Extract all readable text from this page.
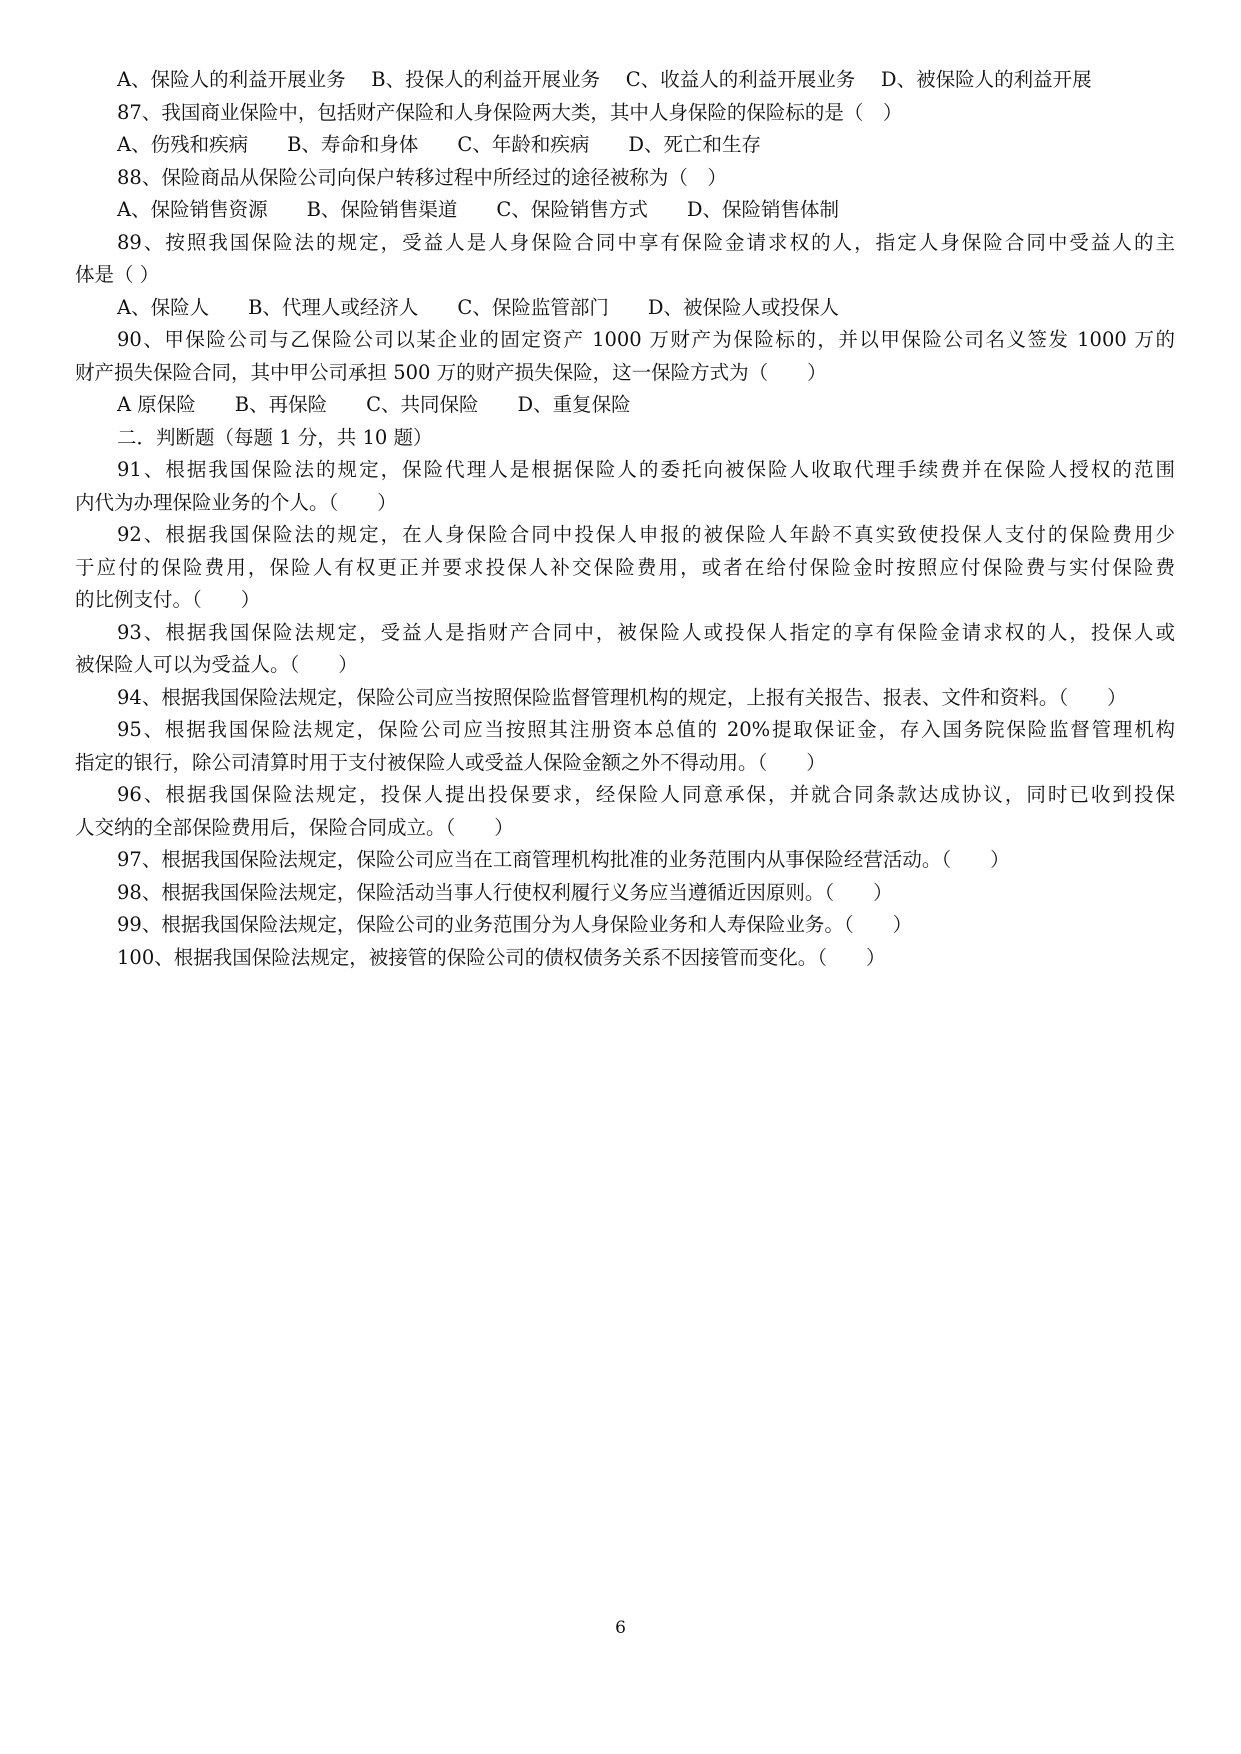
A、保险人的利益开展业务　 B、投保人的利益开展业务　 C、收益人的利益开展业务　 D、被保险人的利益开展
87、我国商业保险中，包括财产保险和人身保险两大类，其中人身保险的保险标的是（　）
A、伤残和疾病　　B、寿命和身体　　C、年龄和疾病　　D、死亡和生存
88、保险商品从保险公司向保户转移过程中所经过的途径被称为（　）
A、保险销售资源　　B、保险销售渠道　　C、保险销售方式　　D、保险销售体制
89、按照我国保险法的规定，受益人是人身保险合同中享有保险金请求权的人，指定人身保险合同中受益人的主
体是（ ）
A、保险人　　B、代理人或经济人　　C、保险监管部门　　D、被保险人或投保人
90、甲保险公司与乙保险公司以某企业的固定资产 1000 万财产为保险标的，并以甲保险公司名义签发 1000 万的
财产损失保险合同，其中甲公司承担 500 万的财产损失保险，这一保险方式为（　　）
A 原保险　　B、再保险　　C、共同保险　　D、重复保险
二．判断题（每题 1 分，共 10 题）
91、根据我国保险法的规定，保险代理人是根据保险人的委托向被保险人收取代理手续费并在保险人授权的范围
内代为办理保险业务的个人。（　　）
92、根据我国保险法的规定，在人身保险合同中投保人申报的被保险人年龄不真实致使投保人支付的保险费用少
于应付的保险费用，保险人有权更正并要求投保人补交保险费用，或者在给付保险金时按照应付保险费与实付保险费
的比例支付。（　　）
93、根据我国保险法规定，受益人是指财产合同中，被保险人或投保人指定的享有保险金请求权的人，投保人或
被保险人可以为受益人。（　　）
94、根据我国保险法规定，保险公司应当按照保险监督管理机构的规定，上报有关报告、报表、文件和资料。（　　）
95、根据我国保险法规定，保险公司应当按照其注册资本总值的 20%提取保证金，存入国务院保险监督管理机构
指定的银行，除公司清算时用于支付被保险人或受益人保险金额之外不得动用。（　　）
96、根据我国保险法规定，投保人提出投保要求，经保险人同意承保，并就合同条款达成协议，同时已收到投保
人交纳的全部保险费用后，保险合同成立。（　　）
97、根据我国保险法规定，保险公司应当在工商管理机构批准的业务范围内从事保险经营活动。（　　）
98、根据我国保险法规定，保险活动当事人行使权利履行义务应当遵循近因原则。（　　）
99、根据我国保险法规定，保险公司的业务范围分为人身保险业务和人寿保险业务。（　　）
100、根据我国保险法规定，被接管的保险公司的债权债务关系不因接管而变化。（　　）
6
